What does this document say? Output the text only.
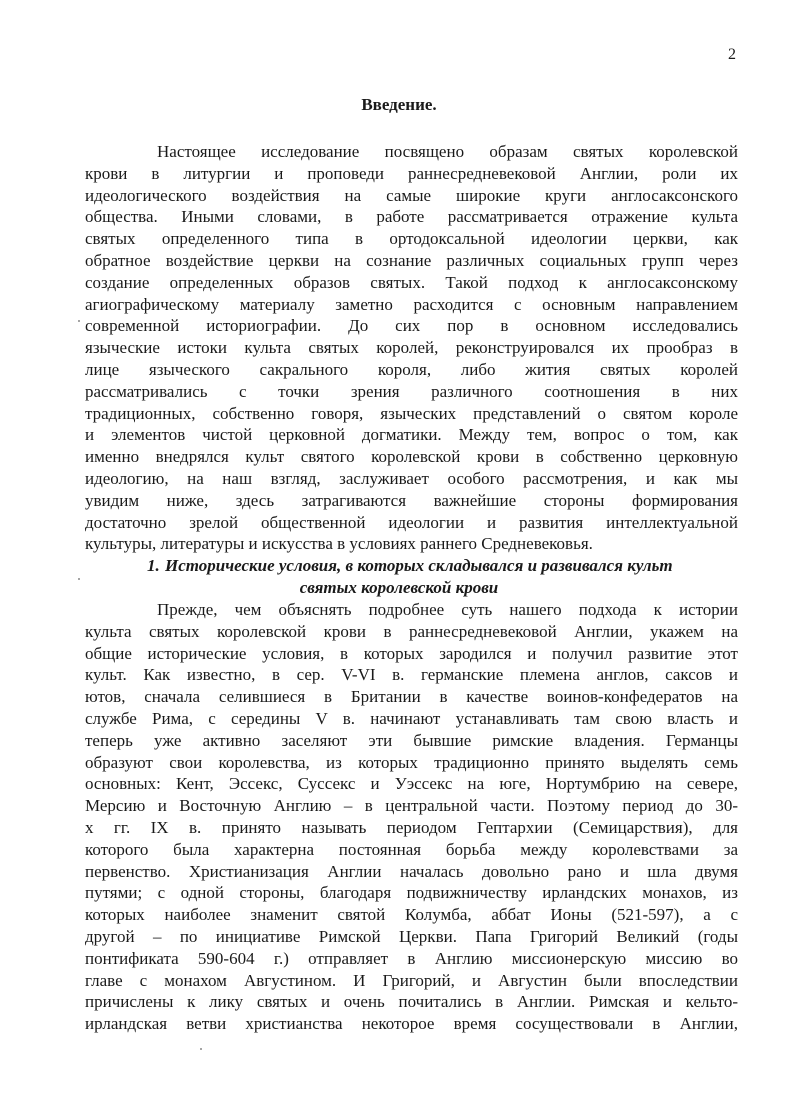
2
Введение.
Настоящее исследование посвящено образам святых королевской
крови в литургии и проповеди раннесредневековой Англии, роли их
идеологического воздействия на самые широкие круги англосаксонского
общества. Иными словами, в работе рассматривается отражение культа
святых определенного типа в ортодоксальной идеологии церкви, как
обратное воздействие церкви на сознание различных социальных групп через
создание определенных образов святых. Такой подход к англосаксонскому
агиографическому материалу заметно расходится с основным направлением
современной историографии. До сих пор в основном исследовались
языческие истоки культа святых королей, реконструировался их прообраз в
лице языческого сакрального короля, либо жития святых королей
рассматривались с точки зрения различного соотношения в них
традиционных, собственно говоря, языческих представлений о святом короле
и элементов чистой церковной догматики. Между тем, вопрос о том, как
именно внедрялся культ святого королевской крови в собственно церковную
идеологию, на наш взгляд, заслуживает особого рассмотрения, и как мы
увидим ниже, здесь затрагиваются важнейшие стороны формирования
достаточно зрелой общественной идеологии и развития интеллектуальной
культуры, литературы и искусства в условиях раннего Средневековья.
1. Исторические условия, в которых складывался и развивался культ
святых королевской крови
Прежде, чем объяснять подробнее суть нашего подхода к истории
культа святых королевской крови в раннесредневековой Англии, укажем на
общие исторические условия, в которых зародился и получил развитие этот
культ. Как известно, в сер. V-VI в. германские племена англов, саксов и
ютов, сначала селившиеся в Британии в качестве воинов-конфедератов на
службе Рима, с середины V в. начинают устанавливать там свою власть и
теперь уже активно заселяют эти бывшие римские владения. Германцы
образуют свои королевства, из которых традиционно принято выделять семь
основных: Кент, Эссекс, Суссекс и Уэссекс на юге, Нортумбрию на севере,
Мерсию и Восточную Англию – в центральной части. Поэтому период до 30-
х гг. IX в. принято называть периодом Гептархии (Семицарствия), для
которого была характерна постоянная борьба между королевствами за
первенство. Христианизация Англии началась довольно рано и шла двумя
путями; с одной стороны, благодаря подвижничеству ирландских монахов, из
которых наиболее знаменит святой Колумба, аббат Ионы (521-597), а с
другой – по инициативе Римской Церкви. Папа Григорий Великий (годы
понтификата 590-604 г.) отправляет в Англию миссионерскую миссию во
главе с монахом Августином. И Григорий, и Августин были впоследствии
причислены к лику святых и очень почитались в Англии. Римская и кельто-
ирландская ветви христианства некоторое время сосуществовали в Англии,
